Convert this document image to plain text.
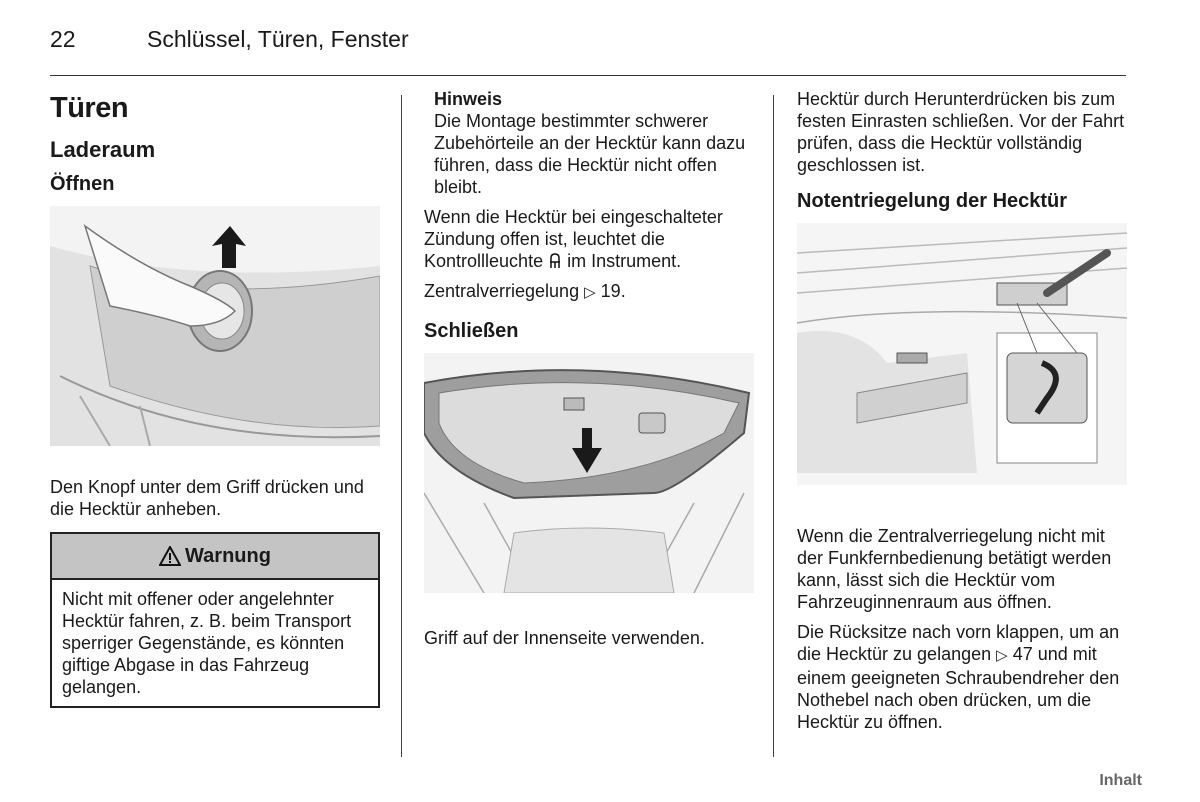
22	Schlüssel, Türen, Fenster
Türen
Laderaum
Öffnen

Den Knopf unter dem Griff drücken und die Hecktür anheben.

Warnung
Nicht mit offener oder angelehnter Hecktür fahren, z. B. beim Transport sperriger Gegenstände, es könnten giftige Abgase in das Fahrzeug gelangen.
Hinweis
Die Montage bestimmter schwerer Zubehörteile an der Hecktür kann dazu führen, dass die Hecktür nicht offen bleibt.

Wenn die Hecktür bei eingeschalteter Zündung offen ist, leuchtet die Kontrollleuchte im Instrument.

Zentralverriegelung ▷ 19.

Schließen

Griff auf der Innenseite verwenden.

Hecktür durch Herunterdrücken bis zum festen Einrasten schließen. Vor der Fahrt prüfen, dass die Hecktür vollständig geschlossen ist.

Notentriegelung der Hecktür

Wenn die Zentralverriegelung nicht mit der Funkfernbedienung betätigt werden kann, lässt sich die Hecktür vom Fahrzeuginnenraum aus öffnen.

Die Rücksitze nach vorn klappen, um an die Hecktür zu gelangen ▷ 47 und mit einem geeigneten Schraubendreher den Nothebel nach oben drücken, um die Hecktür zu öffnen.

Inhalt
